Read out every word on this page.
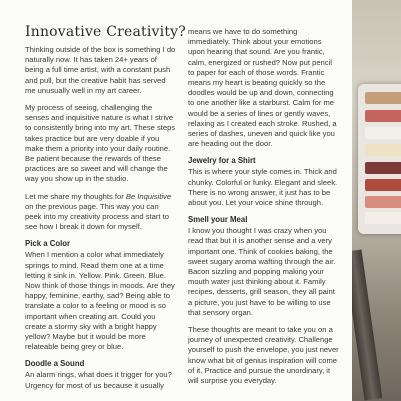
Innovative Creativity?

Thinking outside of the box is something I do naturally now. It has taken 24+ years of being a full time artist, with a constant push and pull, but the creative habit has served me unusually well in my art career.

My process of seeing, challenging the senses and inquisitive nature is what I strive to consistently bring into my art. These steps takes practice but are very doable if you make them a priority into your daily routine. Be patient because the rewards of these practices are so sweet and will change the way you show up in the studio.

Let me share my thoughts for Be Inquisitive on the previous page. This way you can peek into my creativity process and start to see how I break it down for myself.

Pick a Color

When I mention a color what immediately springs to mind. Read them one at a time letting it sink in. Yellow. Pink. Green. Blue. Now think of those things in moods. Are they happy, feminine, earthy, sad? Being able to translate a color to a feeling or mood is so important when creating art. Could you create a stormy sky with a bright happy yellow? Maybe but it would be more relateable being grey or blue.

Doodle a Sound

An alarm rings, what does it trigger for you? Urgency for most of us because it usually

means we have to do something immediately. Think about your emotions upon hearing that sound. Are you frantic, calm, energized or rushed? Now put pencil to paper for each of those words. Frantic means my heart is beating quickly so the doodles would be up and down, connecting to one another like a starburst. Calm for me would be a series of lines or gently waves, relaxing as I created each stroke. Rushed, a series of dashes, uneven and quick like you are heading out the door.

Jewelry for a Shirt

This is where your style comes in. Thick and chunky. Colorful or funky. Elegant and sleek. There is no wrong answer, it just has to be about you. Let your voice shine through.

Smell your Meal

I know you thought I was crazy when you read that but it is another sense and a very important one. Think of cookies baking, the sweet sugary aroma wafting through the air. Bacon sizzling and popping making your mouth water just thinking about it. Family recipes, desserts, grill season, they all paint a picture, you just have to be willing to use that sensory organ.

These thoughts are meant to take you on a journey of unexpected creativity. Challenge yourself to push the envelope, you just never know what bit of genius inspiration will come of it. Practice and pursue the unordinary, it will surprise you everyday.
